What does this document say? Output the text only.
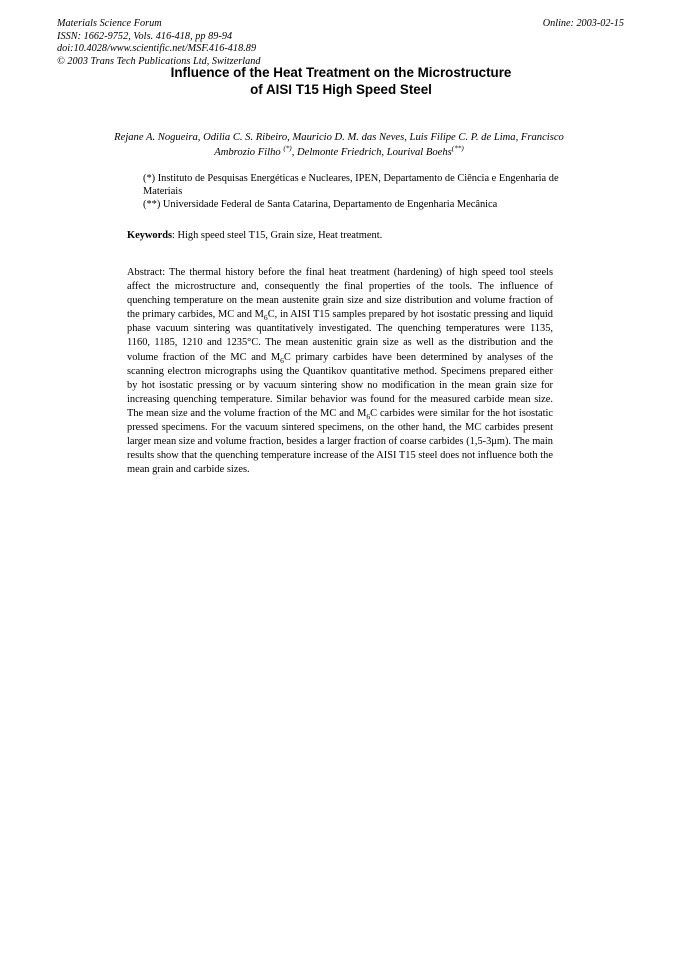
Materials Science Forum
ISSN: 1662-9752, Vols. 416-418, pp 89-94
doi:10.4028/www.scientific.net/MSF.416-418.89
© 2003 Trans Tech Publications Ltd, Switzerland
Online: 2003-02-15
Influence of the Heat Treatment on the Microstructure
of AISI T15 High Speed Steel
Rejane A. Nogueira, Odilia C. S. Ribeiro, Mauricio D. M. das Neves, Luis Filipe C. P. de Lima, Francisco Ambrozio Filho (*), Delmonte Friedrich, Lourival Boehs(**)

(*) Instituto de Pesquisas Energéticas e Nucleares, IPEN, Departamento de Ciência e Engenharia de Materiais

(**) Universidade Federal de Santa Catarina, Departamento de Engenharia Mecânica

Keywords: High speed steel T15, Grain size, Heat treatment.
Abstract: The thermal history before the final heat treatment (hardening) of high speed tool steels affect the microstructure and, consequently the final properties of the tools. The influence of quenching temperature on the mean austenite grain size and size distribution and volume fraction of the primary carbides, MC and $M_6C$, in AISI T15 samples prepared by hot isostatic pressing and liquid phase vacuum sintering was quantitatively investigated. The quenching temperatures were 1135, 1160, 1185, 1210 and 1235°C. The mean austenitic grain size as well as the distribution and the volume fraction of the MC and $M_6C$ primary carbides have been determined by analyses of the scanning electron micrographs using the Quantikov quantitative method. Specimens prepared either by hot isostatic pressing or by vacuum sintering show no modification in the mean grain size for increasing quenching temperature. Similar behavior was found for the measured carbide mean size. The mean size and the volume fraction of the MC and $M_6C$ carbides were similar for the hot isostatic pressed specimens. For the vacuum sintered specimens, on the other hand, the MC carbides present larger mean size and volume fraction, besides a larger fraction of coarse carbides (1,5-3μm). The main results show that the quenching temperature increase of the AISI T15 steel does not influence both the mean grain and carbide sizes.
